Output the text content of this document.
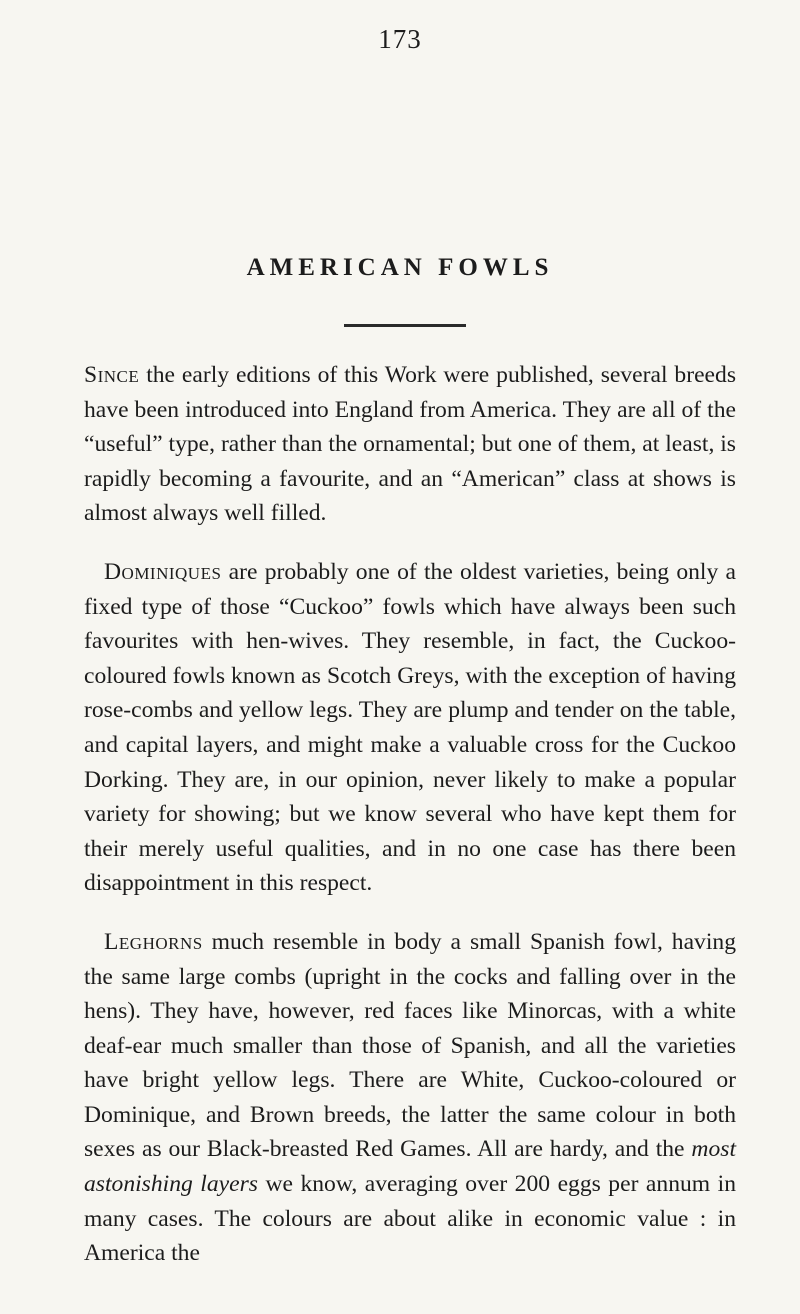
173
AMERICAN FOWLS

Since the early editions of this Work were published, several breeds have been introduced into England from America. They are all of the “useful” type, rather than the ornamental; but one of them, at least, is rapidly becoming a favourite, and an “American” class at shows is almost always well filled.

Dominiques are probably one of the oldest varieties, being only a fixed type of those “Cuckoo” fowls which have always been such favourites with hen-wives. They resemble, in fact, the Cuckoo-coloured fowls known as Scotch Greys, with the exception of having rose-combs and yellow legs. They are plump and tender on the table, and capital layers, and might make a valuable cross for the Cuckoo Dorking. They are, in our opinion, never likely to make a popular variety for showing; but we know several who have kept them for their merely useful qualities, and in no one case has there been disappointment in this respect.

Leghorns much resemble in body a small Spanish fowl, having the same large combs (upright in the cocks and falling over in the hens). They have, however, red faces like Minorcas, with a white deaf-ear much smaller than those of Spanish, and all the varieties have bright yellow legs. There are White, Cuckoo-coloured or Dominique, and Brown breeds, the latter the same colour in both sexes as our Black-breasted Red Games. All are hardy, and the most astonishing layers we know, averaging over 200 eggs per annum in many cases. The colours are about alike in economic value : in America the
